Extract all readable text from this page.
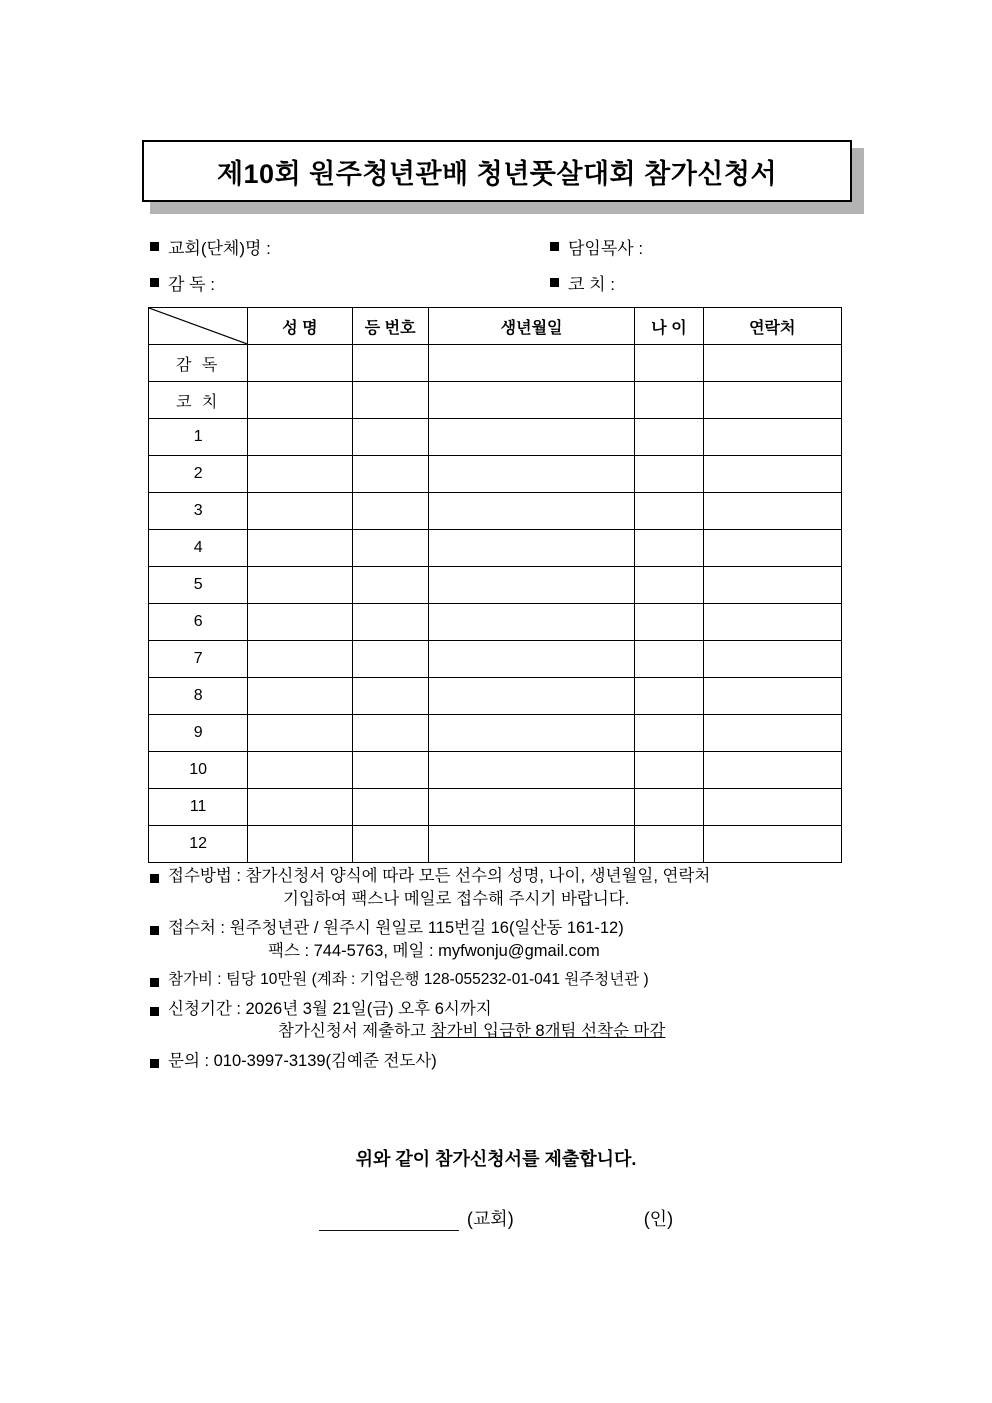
제10회 원주청년관배 청년풋살대회 참가신청서
교회(단체)명 :	담임목사 :
감 독 :	코 치 :
	성 명	등 번호	생년월일	나 이	연락처
감 독					
코 치					
1					
2					
3					
4					
5					
6					
7					
8					
9					
10					
11					
12					
접수방법 : 참가신청서 양식에 따라 모든 선수의 성명, 나이, 생년월일, 연락처
기입하여 팩스나 메일로 접수해 주시기 바랍니다.
접수처 : 원주청년관 / 원주시 원일로 115번길 16(일산동 161-12)
팩스 : 744-5763, 메일 : myfwonju@gmail.com
참가비 : 팀당 10만원 (계좌 : 기업은행 128-055232-01-041 원주청년관 )
신청기간 : 2026년 3월 21일(금) 오후 6시까지
참가신청서 제출하고 참가비 입금한 8개팀 선착순 마감
문의 : 010-3997-3139(김예준 전도사)
위와 같이 참가신청서를 제출합니다.
(교회)	(인)
